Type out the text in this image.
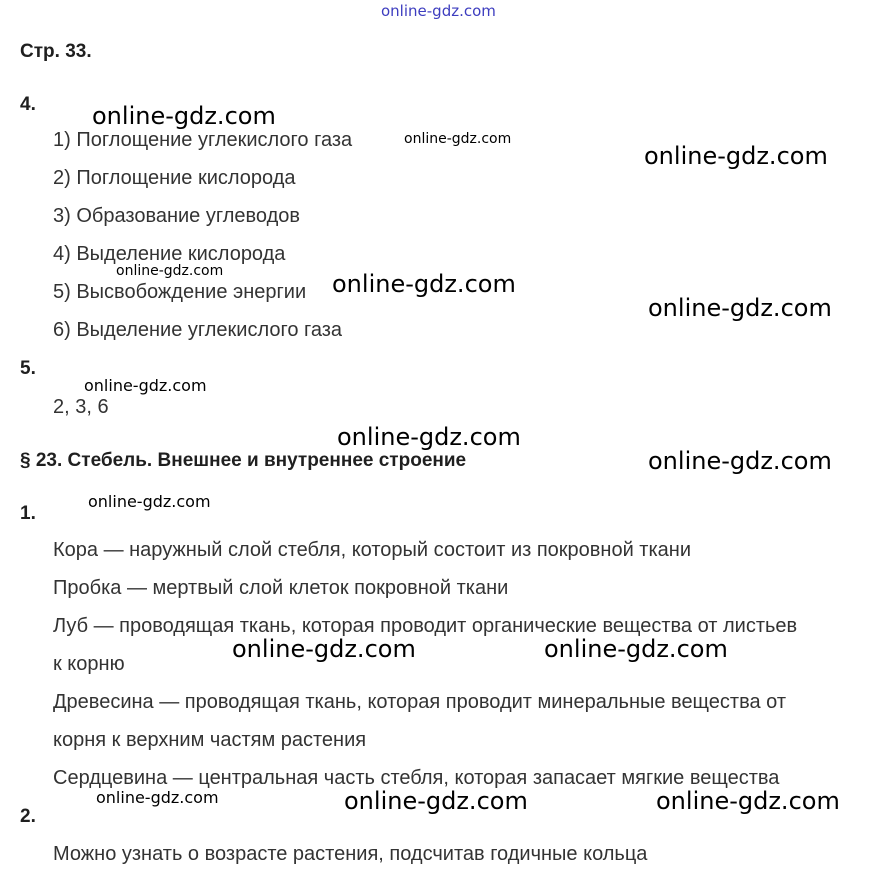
online-gdz.com
Стр. 33.
4.
1) Поглощение углекислого газа
2) Поглощение кислорода
3) Образование углеводов
4) Выделение кислорода
5) Высвобождение энергии
6) Выделение углекислого газа
5.
2, 3, 6
§ 23. Стебель. Внешнее и внутреннее строение
1.
Кора — наружный слой стебля, который состоит из покровной ткани
Пробка — мертвый слой клеток покровной ткани
Луб — проводящая ткань, которая проводит органические вещества от листьев
к корню
Древесина — проводящая ткань, которая проводит минеральные вещества от
корня к верхним частям растения
Сердцевина — центральная часть стебля, которая запасает мягкие вещества
2.
Можно узнать о возрасте растения, подсчитав годичные кольца
online-gdz.com
online-gdz.com
online-gdz.com
online-gdz.com
online-gdz.com
online-gdz.com
online-gdz.com	online-gdz.com
online-gdz.com	online-gdz.com
online-gdz.com
online-gdz.com
online-gdz.com
online-gdz.com
online-gdz.com
